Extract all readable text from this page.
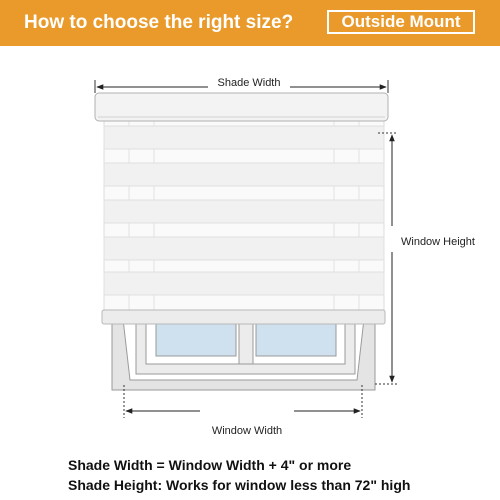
How to choose the right size?	Outside Mount
Shade Width
Window Height
Window Width
Shade Width = Window Width + 4" or more
Shade Height: Works for window less than 72" high
